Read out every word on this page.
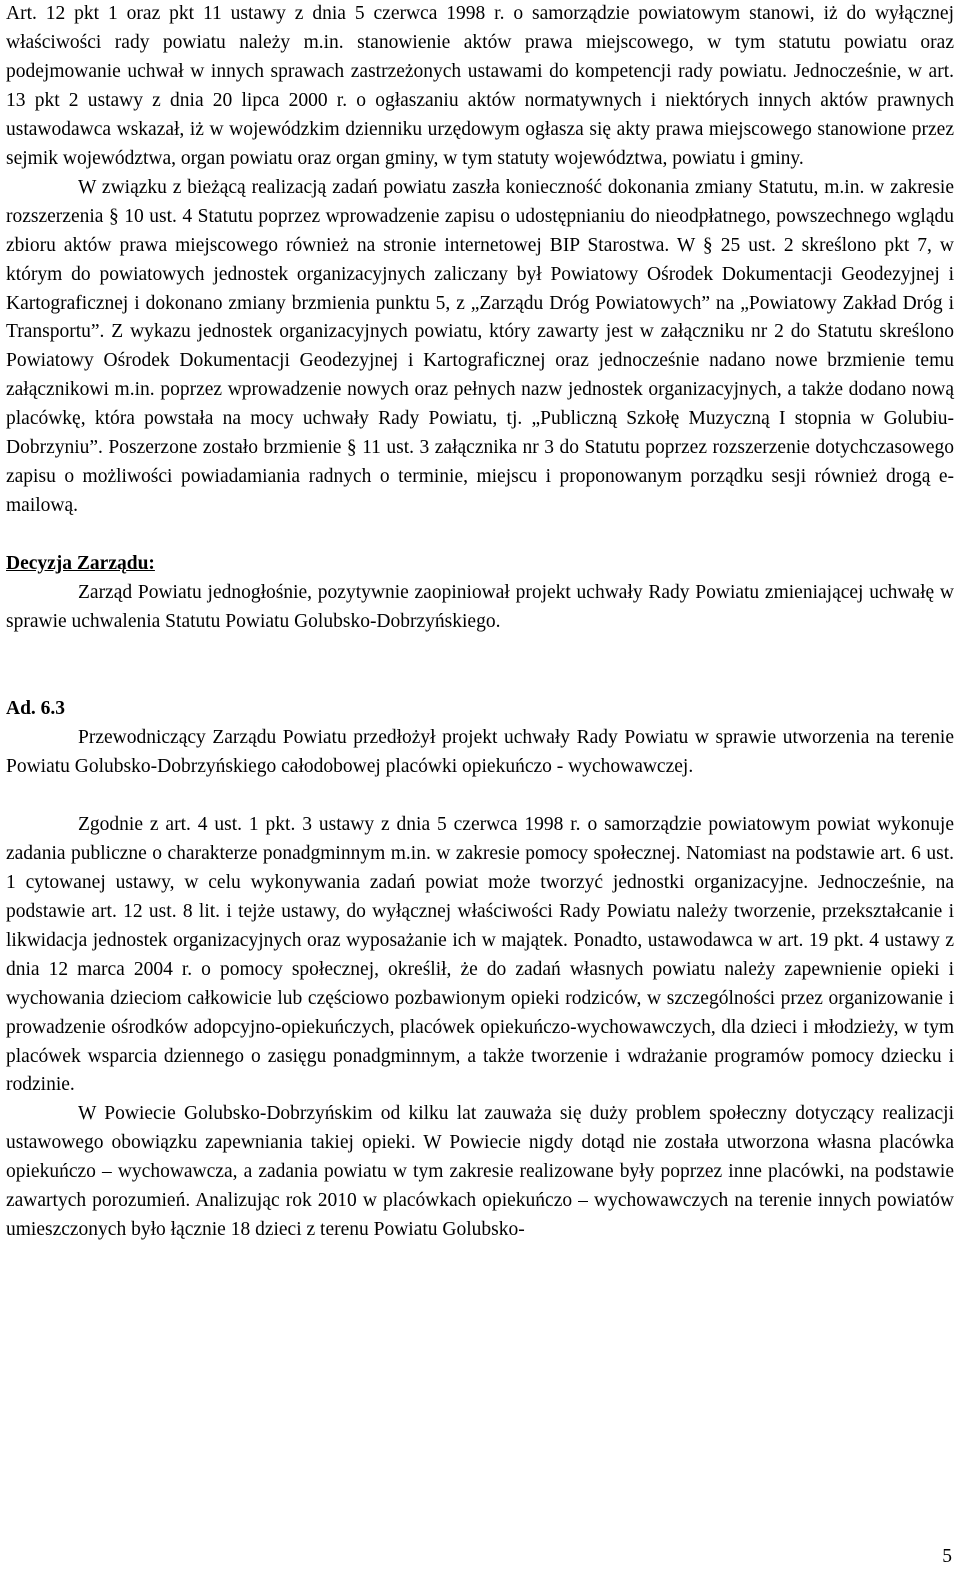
Art. 12 pkt 1 oraz pkt 11 ustawy z dnia 5 czerwca 1998 r. o samorządzie powiatowym stanowi, iż do wyłącznej właściwości rady powiatu należy m.in. stanowienie aktów prawa miejscowego, w tym statutu powiatu oraz podejmowanie uchwał w innych sprawach zastrzeżonych ustawami do kompetencji rady powiatu. Jednocześnie, w art. 13 pkt 2 ustawy z dnia 20 lipca 2000 r. o ogłaszaniu aktów normatywnych i niektórych innych aktów prawnych ustawodawca wskazał, iż w wojewódzkim dzienniku urzędowym ogłasza się akty prawa miejscowego stanowione przez sejmik województwa, organ powiatu oraz organ gminy, w tym statuty województwa, powiatu i gminy.

W związku z bieżącą realizacją zadań powiatu zaszła konieczność dokonania zmiany Statutu, m.in. w zakresie rozszerzenia § 10 ust. 4 Statutu poprzez wprowadzenie zapisu o udostępnianiu do nieodpłatnego, powszechnego wglądu zbioru aktów prawa miejscowego również na stronie internetowej BIP Starostwa. W § 25 ust. 2 skreślono pkt 7, w którym do powiatowych jednostek organizacyjnych zaliczany był Powiatowy Ośrodek Dokumentacji Geodezyjnej i Kartograficznej i dokonano zmiany brzmienia punktu 5, z „Zarządu Dróg Powiatowych” na „Powiatowy Zakład Dróg i Transportu”. Z wykazu jednostek organizacyjnych powiatu, który zawarty jest w załączniku nr 2 do Statutu skreślono Powiatowy Ośrodek Dokumentacji Geodezyjnej i Kartograficznej oraz jednocześnie nadano nowe brzmienie temu załącznikowi m.in. poprzez wprowadzenie nowych oraz pełnych nazw jednostek organizacyjnych, a także dodano nową placówkę, która powstała na mocy uchwały Rady Powiatu, tj. „Publiczną Szkołę Muzyczną I stopnia w Golubiu-Dobrzyniu”. Poszerzone zostało brzmienie § 11 ust. 3 załącznika nr 3 do Statutu poprzez rozszerzenie dotychczasowego zapisu o możliwości powiadamiania radnych o terminie, miejscu i proponowanym porządku sesji również drogą e-mailową.

Decyzja Zarządu:

Zarząd Powiatu jednogłośnie, pozytywnie zaopiniował projekt uchwały Rady Powiatu zmieniającej uchwałę w sprawie uchwalenia Statutu Powiatu Golubsko-Dobrzyńskiego.

Ad. 6.3

Przewodniczący Zarządu Powiatu przedłożył projekt uchwały Rady Powiatu w sprawie utworzenia na terenie Powiatu Golubsko-Dobrzyńskiego całodobowej placówki opiekuńczo - wychowawczej.

Zgodnie z art. 4 ust. 1 pkt. 3 ustawy z dnia 5 czerwca 1998 r. o samorządzie powiatowym powiat wykonuje zadania publiczne o charakterze ponadgminnym m.in. w zakresie pomocy społecznej. Natomiast na podstawie art. 6 ust. 1 cytowanej ustawy, w celu wykonywania zadań powiat może tworzyć jednostki organizacyjne. Jednocześnie, na podstawie art. 12 ust. 8 lit. i tejże ustawy, do wyłącznej właściwości Rady Powiatu należy tworzenie, przekształcanie i likwidacja jednostek organizacyjnych oraz wyposażanie ich w majątek. Ponadto, ustawodawca w art. 19 pkt. 4 ustawy z dnia 12 marca 2004 r. o pomocy społecznej, określił, że do zadań własnych powiatu należy zapewnienie opieki i wychowania dzieciom całkowicie lub częściowo pozbawionym opieki rodziców, w szczególności przez organizowanie i prowadzenie ośrodków adopcyjno-opiekuńczych, placówek opiekuńczo-wychowawczych, dla dzieci i młodzieży, w tym placówek wsparcia dziennego o zasięgu ponadgminnym, a także tworzenie i wdrażanie programów pomocy dziecku i rodzinie.

W Powiecie Golubsko-Dobrzyńskim od kilku lat zauważa się duży problem społeczny dotyczący realizacji ustawowego obowiązku zapewniania takiej opieki. W Powiecie nigdy dotąd nie została utworzona własna placówka opiekuńczo – wychowawcza, a zadania powiatu w tym zakresie realizowane były poprzez inne placówki, na podstawie zawartych porozumień. Analizując rok 2010 w placówkach opiekuńczo – wychowawczych na terenie innych powiatów umieszczonych było łącznie 18 dzieci z terenu Powiatu Golubsko-

5
